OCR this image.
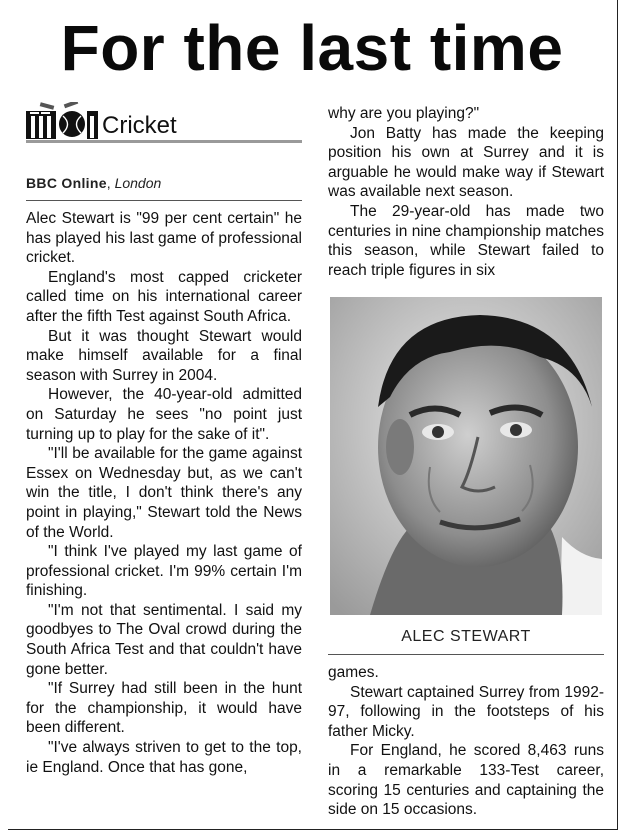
For the last time
Cricket
BBC Online, London

Alec Stewart is "99 per cent certain" he has played his last game of professional cricket.

England's most capped cricketer called time on his international career after the fifth Test against South Africa.

But it was thought Stewart would make himself available for a final season with Surrey in 2004.

However, the 40-year-old admitted on Saturday he sees "no point just turning up to play for the sake of it".

"I'll be available for the game against Essex on Wednesday but, as we can't win the title, I don't think there's any point in playing," Stewart told the News of the World.

"I think I've played my last game of professional cricket. I'm 99% certain I'm finishing.

"I'm not that sentimental. I said my goodbyes to The Oval crowd during the South Africa Test and that couldn't have gone better.

"If Surrey had still been in the hunt for the championship, it would have been different.

"I've always striven to get to the top, ie England. Once that has gone,

why are you playing?"

Jon Batty has made the keeping position his own at Surrey and it is arguable he would make way if Stewart was available next season.

The 29-year-old has made two centuries in nine championship matches this season, while Stewart failed to reach triple figures in six

ALEC STEWART

games.

Stewart captained Surrey from 1992-97, following in the footsteps of his father Micky.

For England, he scored 8,463 runs in a remarkable 133-Test career, scoring 15 centuries and captaining the side on 15 occasions.
